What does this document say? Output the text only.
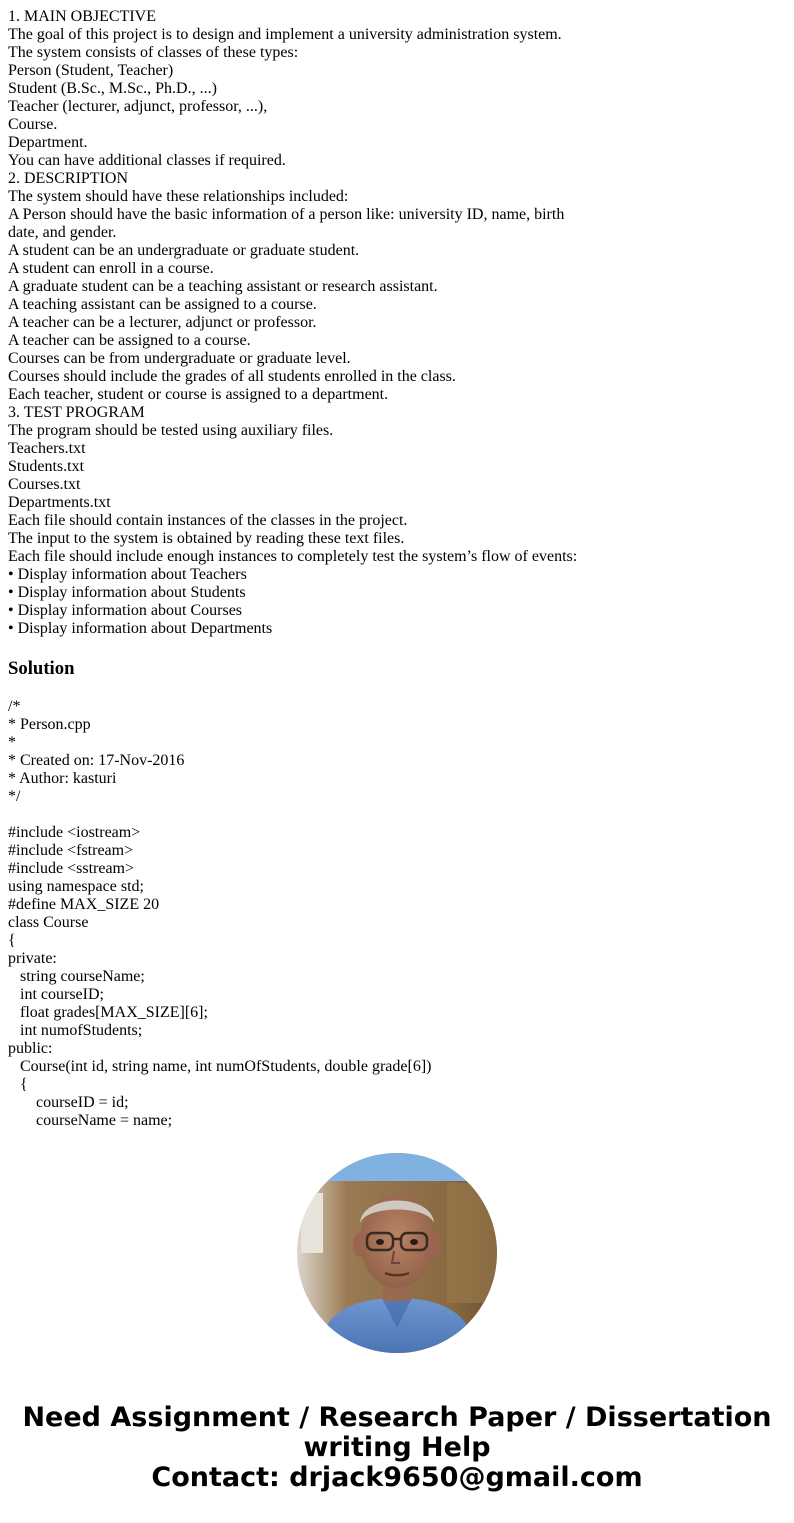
1. MAIN OBJECTIVE
The goal of this project is to design and implement a university administration system.
The system consists of classes of these types:
Person (Student, Teacher)
Student (B.Sc., M.Sc., Ph.D., ...)
Teacher (lecturer, adjunct, professor, ...),
Course.
Department.
You can have additional classes if required.
2. DESCRIPTION
The system should have these relationships included:
A Person should have the basic information of a person like: university ID, name, birth
date, and gender.
A student can be an undergraduate or graduate student.
A student can enroll in a course.
A graduate student can be a teaching assistant or research assistant.
A teaching assistant can be assigned to a course.
A teacher can be a lecturer, adjunct or professor.
A teacher can be assigned to a course.
Courses can be from undergraduate or graduate level.
Courses should include the grades of all students enrolled in the class.
Each teacher, student or course is assigned to a department.
3. TEST PROGRAM
The program should be tested using auxiliary files.
Teachers.txt
Students.txt
Courses.txt
Departments.txt
Each file should contain instances of the classes in the project.
The input to the system is obtained by reading these text files.
Each file should include enough instances to completely test the system’s flow of events:
• Display information about Teachers
• Display information about Students
• Display information about Courses
• Display information about Departments
Solution
/*
* Person.cpp
*
* Created on: 17-Nov-2016
* Author: kasturi
*/
#include <iostream>
#include <fstream>
#include <sstream>
using namespace std;
#define MAX_SIZE 20
class Course
{
private:
string courseName;
int courseID;
float grades[MAX_SIZE][6];
int numofStudents;
public:
Course(int id, string name, int numOfStudents, double grade[6])
{
courseID = id;
courseName = name;
Need Assignment / Research Paper / Dissertation
writing Help
Contact: drjack9650@gmail.com
